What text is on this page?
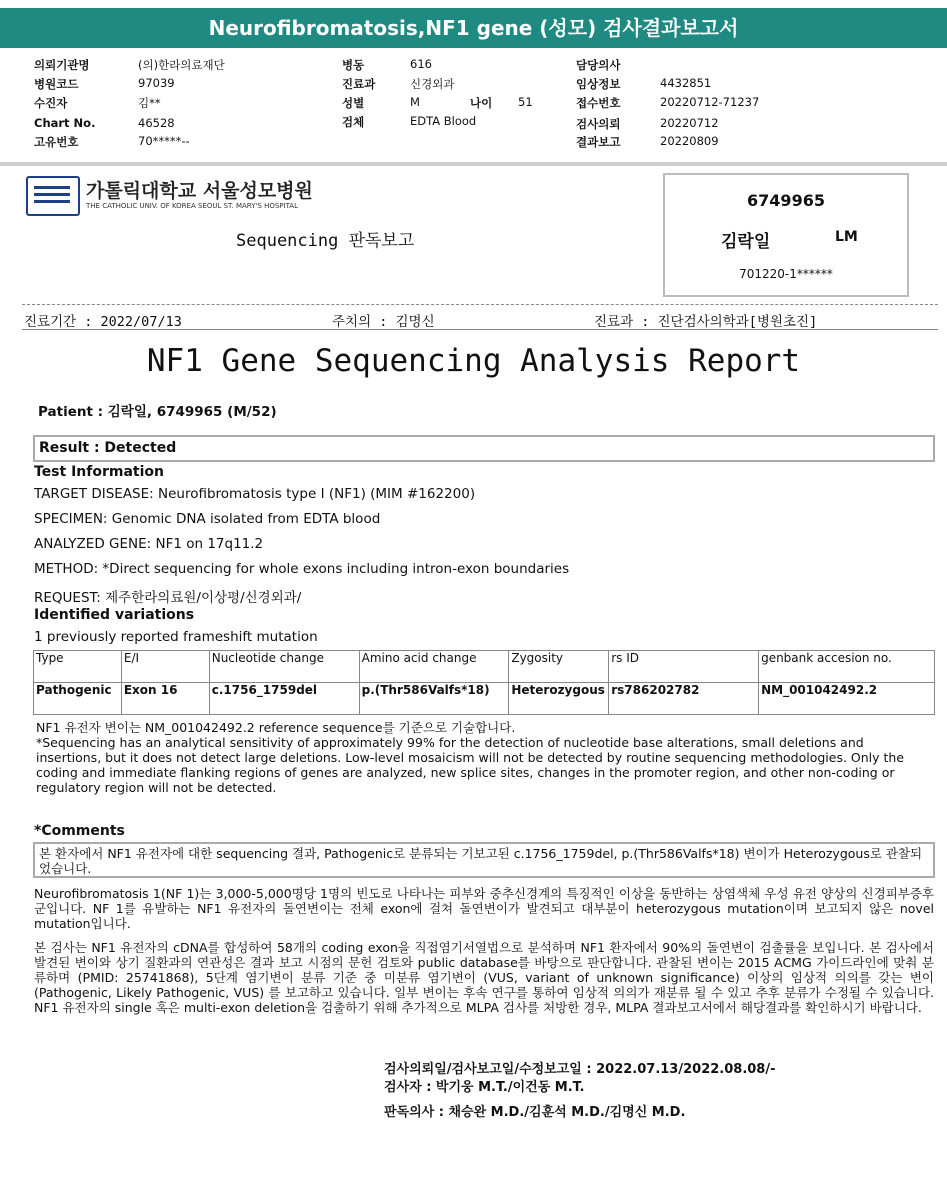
Neurofibromatosis,NF1 gene (성모) 검사결과보고서
의뢰기관명	(의)한라의료재단
병원코드	97039
수진자	김**
Chart No.	46528
고유번호	70*****--
병동	616
진료과	신경외과
성별	M	나이 51
검체	EDTA Blood
담당의사
임상정보	4432851
접수번호	20220712-71237
검사의뢰	20220712
결과보고	20220809
가톨릭대학교 서울성모병원
THE CATHOLIC UNIV. OF KOREA SEOUL ST. MARY'S HOSPITAL
Sequencing 판독보고
6749965
김락일	LM
701220-1******
진료기간 : 2022/07/13	주치의 : 김명신	진료과 : 진단검사의학과[병원초진]
NF1 Gene Sequencing Analysis Report
Patient : 김락일, 6749965 (M/52)
Result : Detected
Test Information
TARGET DISEASE: Neurofibromatosis type I (NF1) (MIM #162200)
SPECIMEN: Genomic DNA isolated from EDTA blood
ANALYZED GENE: NF1 on 17q11.2
METHOD: *Direct sequencing for whole exons including intron-exon boundaries
REQUEST: 제주한라의료원/이상평/신경외과/
Identified variations
1 previously reported frameshift mutation
Type	E/I	Nucleotide change	Amino acid change	Zygosity	rs ID	genbank accesion no.
Pathogenic	Exon 16	c.1756_1759del	p.(Thr586Valfs*18)	Heterozygous	rs786202782	NM_001042492.2
NF1 유전자 변이는 NM_001042492.2 reference sequence를 기준으로 기술합니다.
*Sequencing has an analytical sensitivity of approximately 99% for the detection of nucleotide base alterations, small deletions and insertions, but it does not detect large deletions. Low-level mosaicism will not be detected by routine sequencing methodologies. Only the coding and immediate flanking regions of genes are analyzed, new splice sites, changes in the promoter region, and other non-coding or regulatory region will not be detected.
*Comments
본 환자에서 NF1 유전자에 대한 sequencing 결과, Pathogenic로 분류되는 기보고된 c.1756_1759del, p.(Thr586Valfs*18) 변이가 Heterozygous로 관찰되었습니다.
Neurofibromatosis 1(NF 1)는 3,000-5,000명당 1명의 빈도로 나타나는 피부와 중추신경계의 특징적인 이상을 동반하는 상염색체 우성 유전 양상의 신경피부증후군입니다. NF 1를 유발하는 NF1 유전자의 돌연변이는 전체 exon에 걸쳐 돌연변이가 발견되고 대부분이 heterozygous mutation이며 보고되지 않은 novel mutation입니다.
본 검사는 NF1 유전자의 cDNA를 합성하여 58개의 coding exon을 직접염기서열법으로 분석하며 NF1 환자에서 90%의 돌연변이 검출률을 보입니다. 본 검사에서 발견된 변이와 상기 질환과의 연관성은 결과 보고 시점의 문헌 검토와 public database를 바탕으로 판단합니다. 관찰된 변이는 2015 ACMG 가이드라인에 맞춰 분류하며 (PMID: 25741868), 5단계 염기변이 분류 기준 중 미분류 염기변이 (VUS, variant of unknown significance) 이상의 임상적 의의를 갖는 변이 (Pathogenic, Likely Pathogenic, VUS) 를 보고하고 있습니다. 일부 변이는 후속 연구를 통하여 임상적 의의가 재분류 될 수 있고 추후 분류가 수정될 수 있습니다. NF1 유전자의 single 혹은 multi-exon deletion을 검출하기 위해 추가적으로 MLPA 검사를 처방한 경우, MLPA 결과보고서에서 해당결과를 확인하시기 바랍니다.
검사의뢰일/검사보고일/수정보고일 : 2022.07.13/2022.08.08/-
검사자 : 박기웅 M.T./이건동 M.T.
판독의사 : 채승완 M.D./김훈석 M.D./김명신 M.D.
